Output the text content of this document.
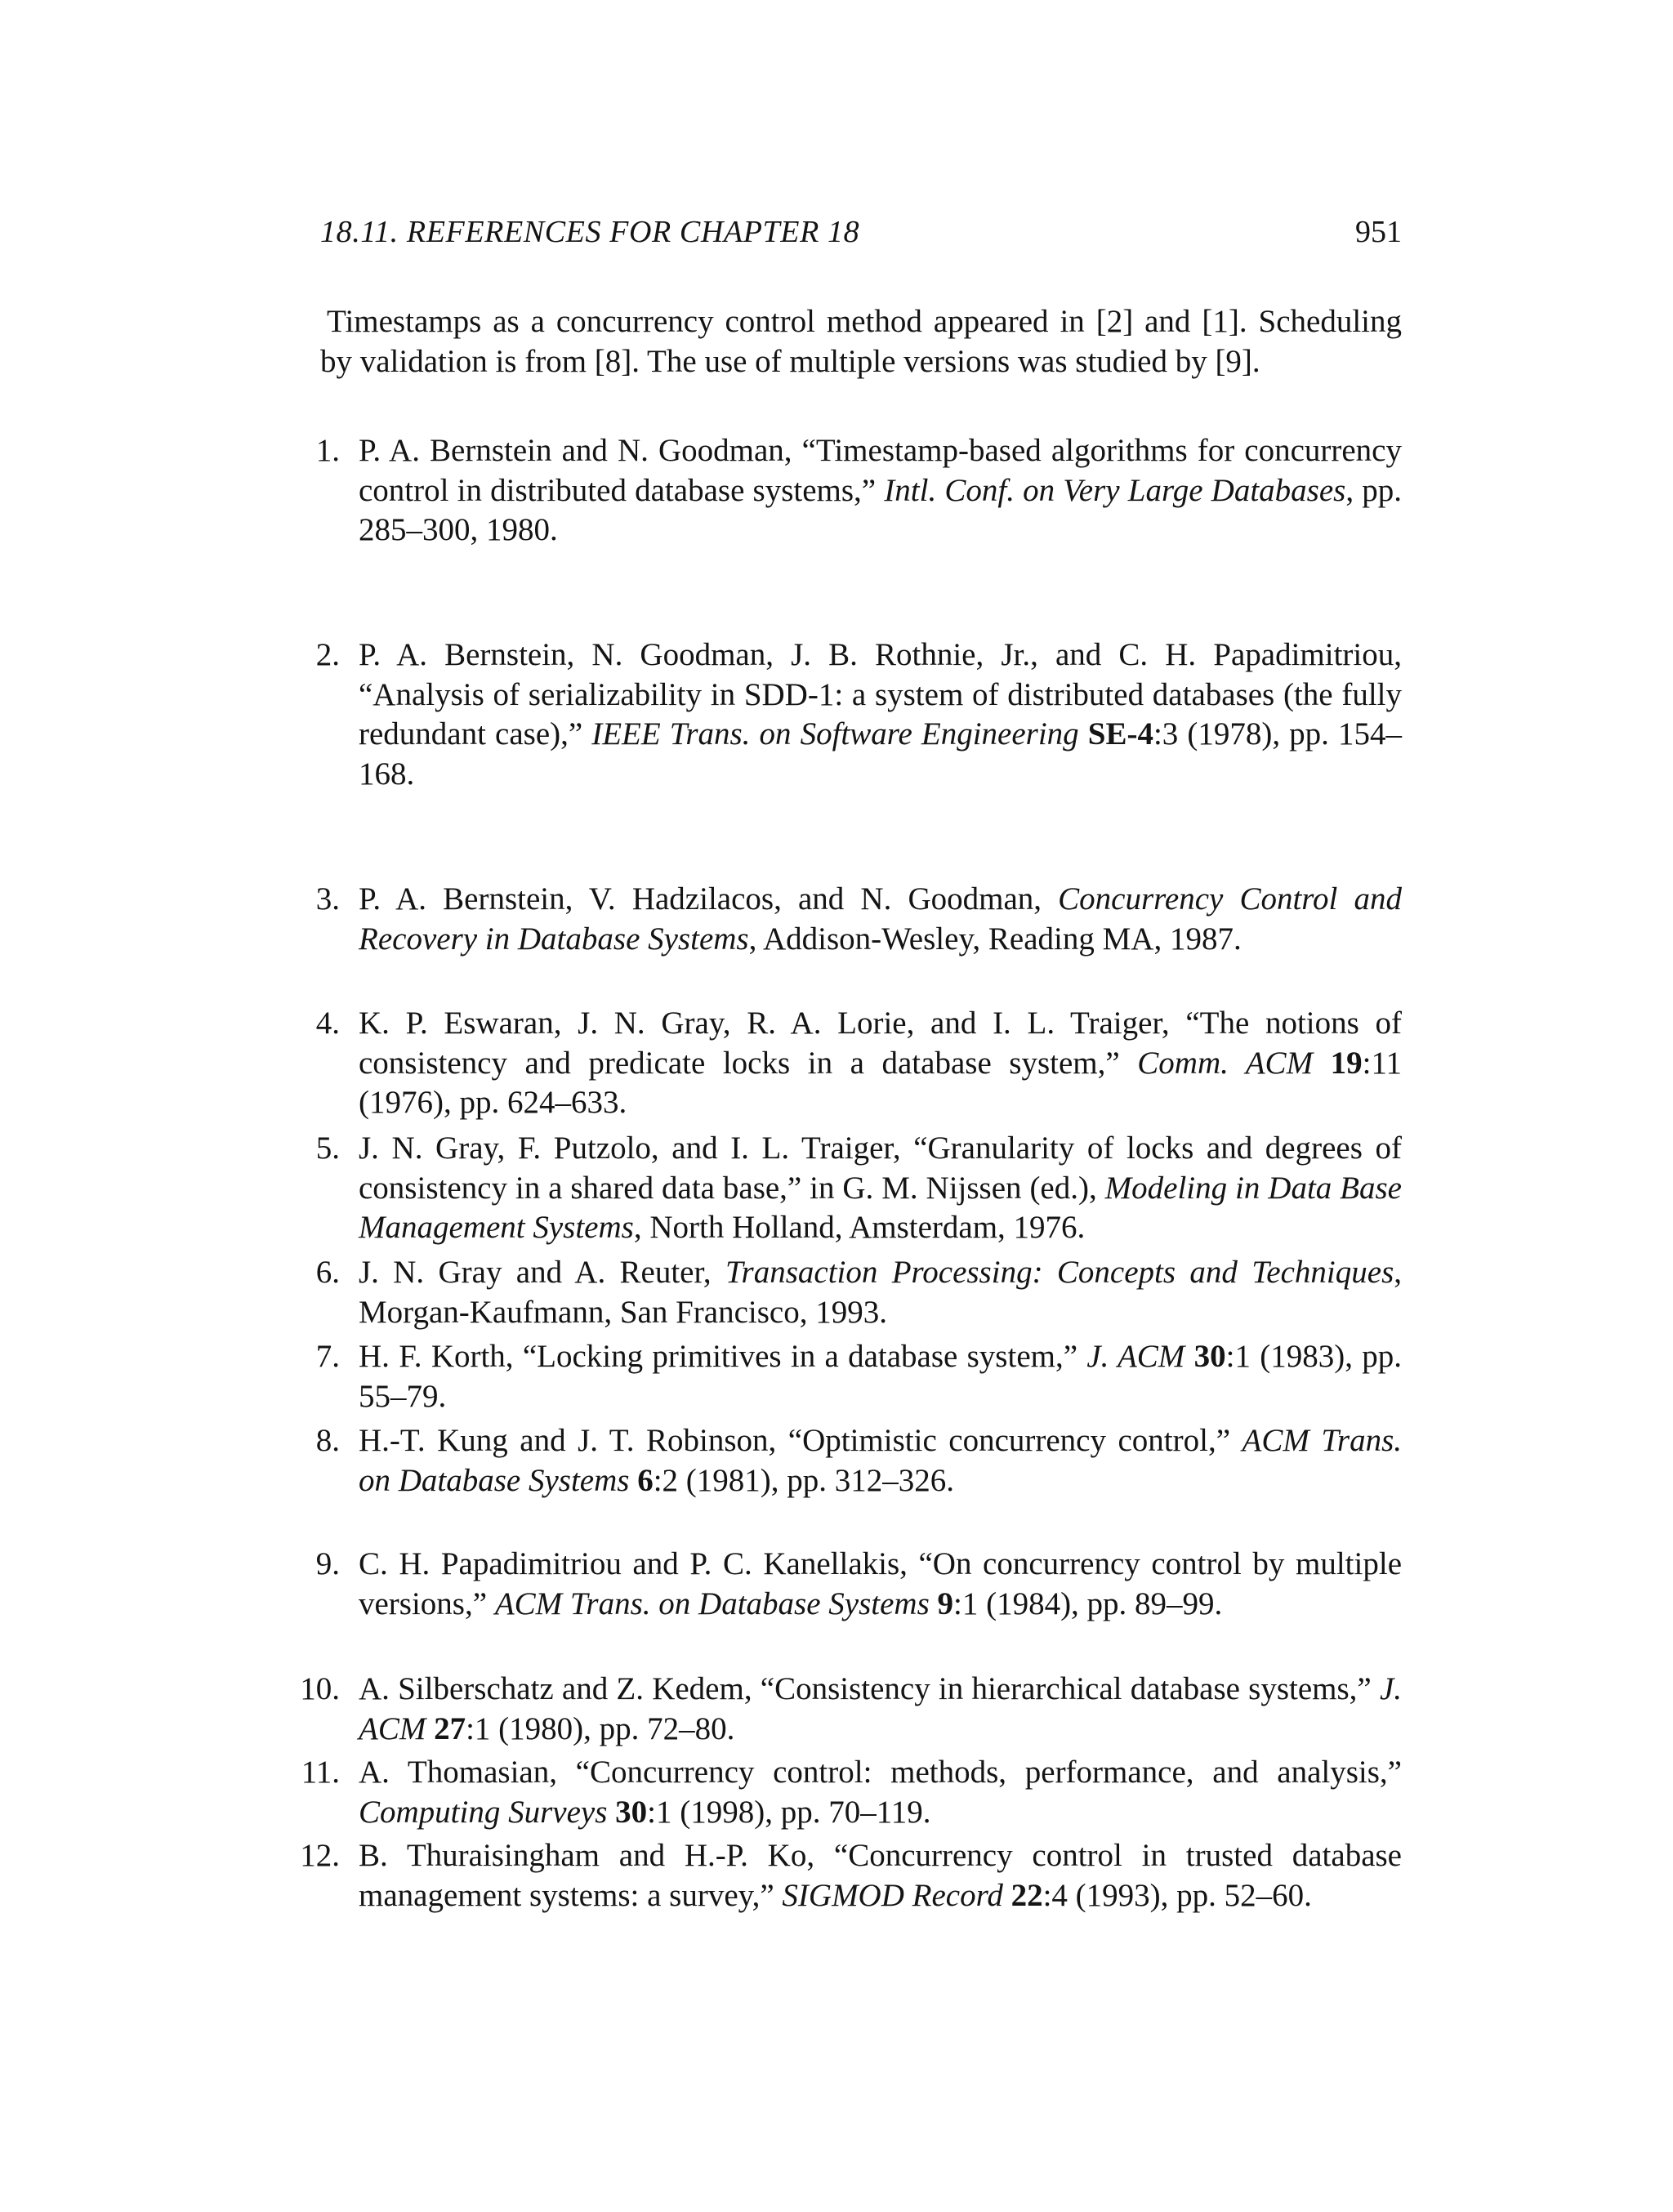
18.11. REFERENCES FOR CHAPTER 18	951

Timestamps as a concurrency control method appeared in [2] and [1]. Scheduling by validation is from [8]. The use of multiple versions was studied by [9].

1. P. A. Bernstein and N. Goodman, “Timestamp-based algorithms for concurrency control in distributed database systems,” Intl. Conf. on Very Large Databases, pp. 285–300, 1980.
2. P. A. Bernstein, N. Goodman, J. B. Rothnie, Jr., and C. H. Papadimitriou, “Analysis of serializability in SDD-1: a system of distributed databases (the fully redundant case),” IEEE Trans. on Software Engineering SE-4:3 (1978), pp. 154–168.
3. P. A. Bernstein, V. Hadzilacos, and N. Goodman, Concurrency Control and Recovery in Database Systems, Addison-Wesley, Reading MA, 1987.
4. K. P. Eswaran, J. N. Gray, R. A. Lorie, and I. L. Traiger, “The notions of consistency and predicate locks in a database system,” Comm. ACM 19:11 (1976), pp. 624–633.
5. J. N. Gray, F. Putzolo, and I. L. Traiger, “Granularity of locks and degrees of consistency in a shared data base,” in G. M. Nijssen (ed.), Modeling in Data Base Management Systems, North Holland, Amsterdam, 1976.
6. J. N. Gray and A. Reuter, Transaction Processing: Concepts and Techniques, Morgan-Kaufmann, San Francisco, 1993.
7. H. F. Korth, “Locking primitives in a database system,” J. ACM 30:1 (1983), pp. 55–79.
8. H.-T. Kung and J. T. Robinson, “Optimistic concurrency control,” ACM Trans. on Database Systems 6:2 (1981), pp. 312–326.
9. C. H. Papadimitriou and P. C. Kanellakis, “On concurrency control by multiple versions,” ACM Trans. on Database Systems 9:1 (1984), pp. 89–99.
10. A. Silberschatz and Z. Kedem, “Consistency in hierarchical database systems,” J. ACM 27:1 (1980), pp. 72–80.
11. A. Thomasian, “Concurrency control: methods, performance, and analysis,” Computing Surveys 30:1 (1998), pp. 70–119.
12. B. Thuraisingham and H.-P. Ko, “Concurrency control in trusted database management systems: a survey,” SIGMOD Record 22:4 (1993), pp. 52–60.
